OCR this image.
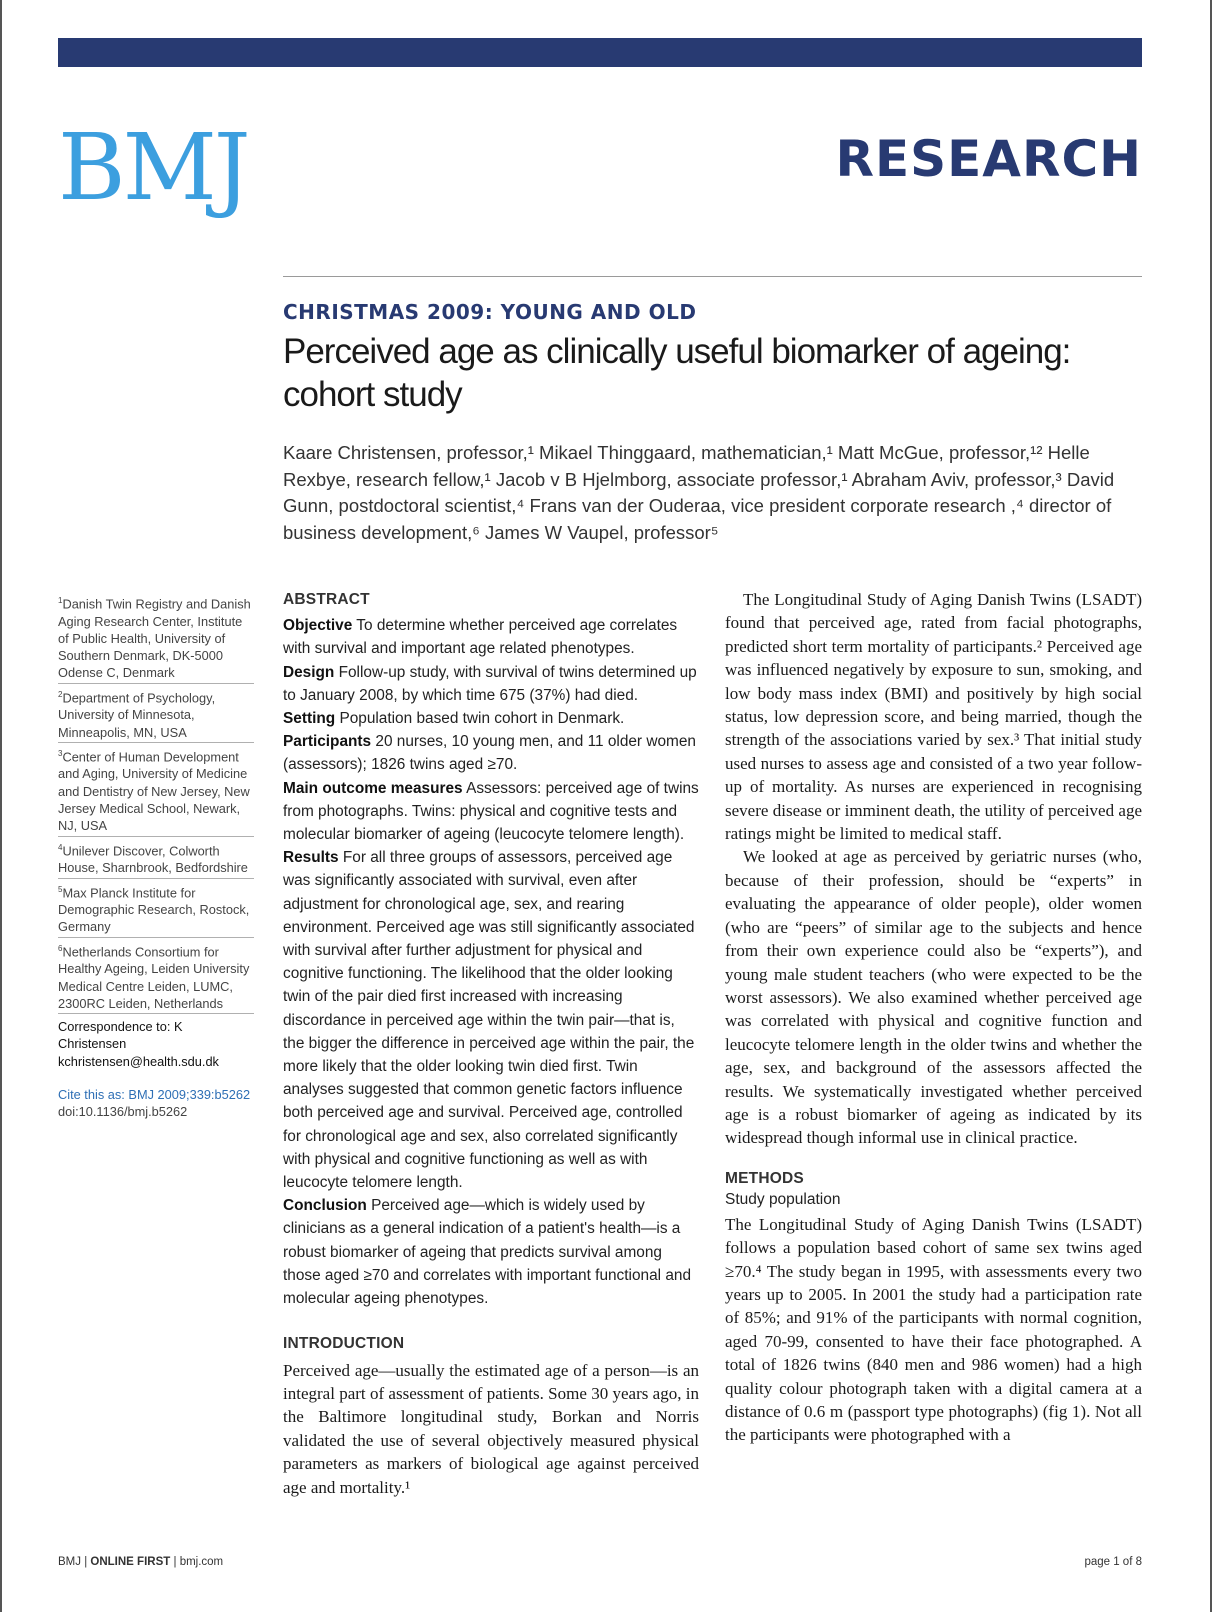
BMJ	RESEARCH
CHRISTMAS 2009: YOUNG AND OLD
Perceived age as clinically useful biomarker of ageing: cohort study
Kaare Christensen, professor,¹ Mikael Thinggaard, mathematician,¹ Matt McGue, professor,¹² Helle Rexbye, research fellow,¹ Jacob v B Hjelmborg, associate professor,¹ Abraham Aviv, professor,³ David Gunn, postdoctoral scientist,⁴ Frans van der Ouderaa, vice president corporate research ,⁴ director of business development,⁶ James W Vaupel, professor⁵
$^1$Danish Twin Registry and Danish Aging Research Center, Institute of Public Health, University of Southern Denmark, DK-5000 Odense C, Denmark
$^2$Department of Psychology, University of Minnesota, Minneapolis, MN, USA
$^3$Center of Human Development and Aging, University of Medicine and Dentistry of New Jersey, New Jersey Medical School, Newark, NJ, USA
$^4$Unilever Discover, Colworth House, Sharnbrook, Bedfordshire
$^5$Max Planck Institute for Demographic Research, Rostock, Germany
$^6$Netherlands Consortium for Healthy Ageing, Leiden University Medical Centre Leiden, LUMC, 2300RC Leiden, Netherlands
Correspondence to: K Christensen
kchristensen@health.sdu.dk
Cite this as: BMJ 2009;339:b5262
doi:10.1136/bmj.b5262
ABSTRACT

Objective To determine whether perceived age correlates with survival and important age related phenotypes.

Design Follow-up study, with survival of twins determined up to January 2008, by which time 675 (37%) had died.

Setting Population based twin cohort in Denmark.

Participants 20 nurses, 10 young men, and 11 older women (assessors); 1826 twins aged ≥70.

Main outcome measures Assessors: perceived age of twins from photographs. Twins: physical and cognitive tests and molecular biomarker of ageing (leucocyte telomere length).

Results For all three groups of assessors, perceived age was significantly associated with survival, even after adjustment for chronological age, sex, and rearing environment. Perceived age was still significantly associated with survival after further adjustment for physical and cognitive functioning. The likelihood that the older looking twin of the pair died first increased with increasing discordance in perceived age within the twin pair—that is, the bigger the difference in perceived age within the pair, the more likely that the older looking twin died first. Twin analyses suggested that common genetic factors influence both perceived age and survival. Perceived age, controlled for chronological age and sex, also correlated significantly with physical and cognitive functioning as well as with leucocyte telomere length.

Conclusion Perceived age—which is widely used by clinicians as a general indication of a patient's health—is a robust biomarker of ageing that predicts survival among those aged ≥70 and correlates with important functional and molecular ageing phenotypes.

INTRODUCTION

Perceived age—usually the estimated age of a person—is an integral part of assessment of patients. Some 30 years ago, in the Baltimore longitudinal study, Borkan and Norris validated the use of several objectively measured physical parameters as markers of biological age against perceived age and mortality.¹

The Longitudinal Study of Aging Danish Twins (LSADT) found that perceived age, rated from facial photographs, predicted short term mortality of participants.² Perceived age was influenced negatively by exposure to sun, smoking, and low body mass index (BMI) and positively by high social status, low depression score, and being married, though the strength of the associations varied by sex.³ That initial study used nurses to assess age and consisted of a two year follow-up of mortality. As nurses are experienced in recognising severe disease or imminent death, the utility of perceived age ratings might be limited to medical staff.

We looked at age as perceived by geriatric nurses (who, because of their profession, should be “experts” in evaluating the appearance of older people), older women (who are “peers” of similar age to the subjects and hence from their own experience could also be “experts”), and young male student teachers (who were expected to be the worst assessors). We also examined whether perceived age was correlated with physical and cognitive function and leucocyte telomere length in the older twins and whether the age, sex, and background of the assessors affected the results. We systematically investigated whether perceived age is a robust biomarker of ageing as indicated by its widespread though informal use in clinical practice.

METHODS
Study population

The Longitudinal Study of Aging Danish Twins (LSADT) follows a population based cohort of same sex twins aged ≥70.⁴ The study began in 1995, with assessments every two years up to 2005. In 2001 the study had a participation rate of 85%; and 91% of the participants with normal cognition, aged 70-99, consented to have their face photographed. A total of 1826 twins (840 men and 986 women) had a high quality colour photograph taken with a digital camera at a distance of 0.6 m (passport type photographs) (fig 1). Not all the participants were photographed with a

BMJ | ONLINE FIRST | bmj.com	page 1 of 8
